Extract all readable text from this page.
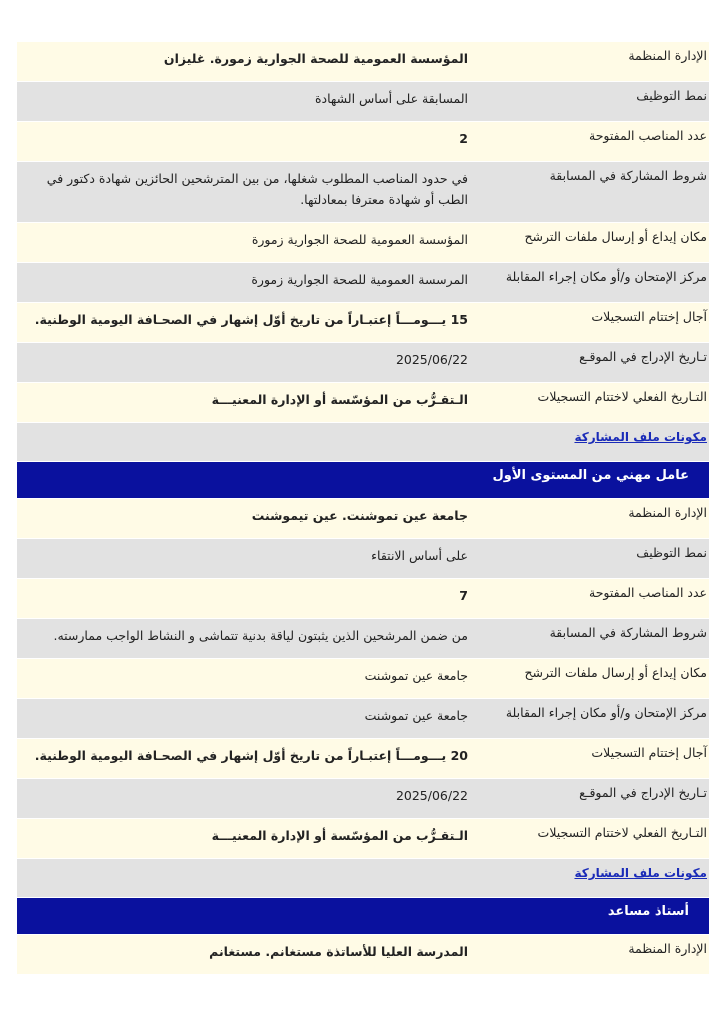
الإدارة المنظمة
المؤسسة العمومية للصحة الجوارية زمورة. غليزان
نمط التوظيف
المسابقة على أساس الشهادة
عدد المناصب المفتوحة
2
شروط المشاركة في المسابقة
في حدود المناصب المطلوب شغلها، من بين المترشحين الحائزين شهادة دكتور في الطب أو شهادة معترفا بمعادلتها.
مكان إيداع أو إرسال ملفات الترشح
المؤسسة العمومية للصحة الجوارية زمورة
مركز الإمتحان و/أو مكان إجراء المقابلة
المرسسة العمومية للصحة الجوارية زمورة
آجال إختتام التسجيلات
15 يـــومـــاً إعتبـاراً من تاريخ أوّل إشهار في الصحـافة اليومية الوطنية.
تـاريخ الإدراج في الموقـع
2025/06/22
التـاريخ الفعلي لاختتام التسجيلات
الـتقـرُّب من المؤسّسة أو الإدارة المعنيـــة
مكونات ملف المشاركة
عامل مهني من المستوى الأول
الإدارة المنظمة
جامعة عين تموشنت. عين تيموشنت
نمط التوظيف
على أساس الانتقاء
عدد المناصب المفتوحة
7
شروط المشاركة في المسابقة
من ضمن المرشحين الذين يثبتون لياقة بدنية تتماشى و النشاط الواجب ممارسته.
مكان إيداع أو إرسال ملفات الترشح
جامعة عين تموشنت
مركز الإمتحان و/أو مكان إجراء المقابلة
جامعة عين تموشنت
آجال إختتام التسجيلات
20 يـــومـــاً إعتبـاراً من تاريخ أوّل إشهار في الصحـافة اليومية الوطنية.
تـاريخ الإدراج في الموقـع
2025/06/22
التـاريخ الفعلي لاختتام التسجيلات
الـتقـرُّب من المؤسّسة أو الإدارة المعنيـــة
مكونات ملف المشاركة
أستاذ مساعد
الإدارة المنظمة
المدرسة العليا للأساتذة مستغانم. مستغانم
